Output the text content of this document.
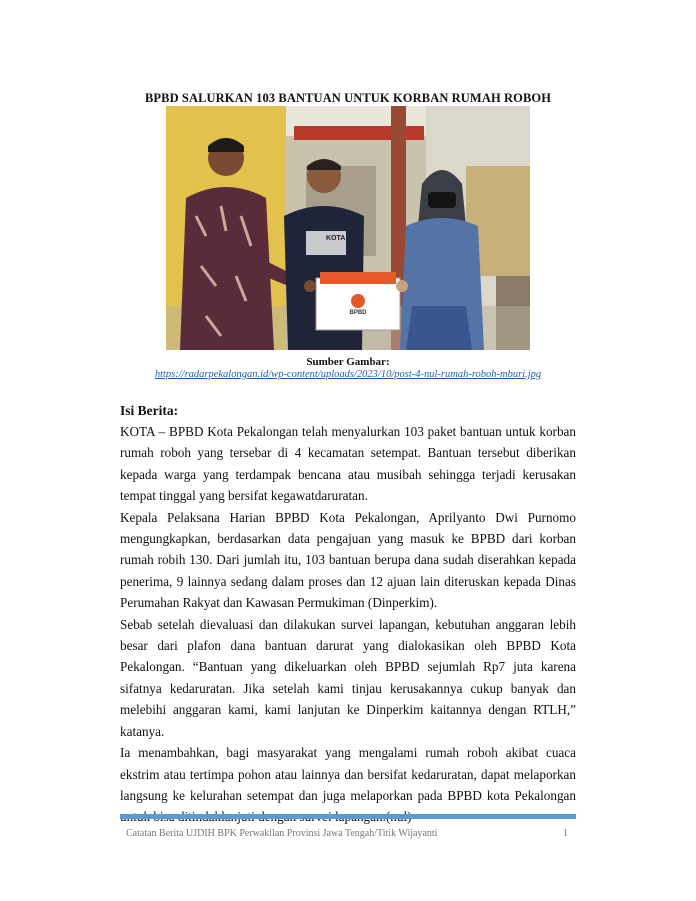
BPBD SALURKAN 103 BANTUAN UNTUK KORBAN RUMAH ROBOH
BPBD
KOTA
Sumber Gambar:
https://radarpekalongan.id/wp-content/uploads/2023/10/post-4-nul-rumah-roboh-mburi.jpg
Isi Berita:

KOTA – BPBD Kota Pekalongan telah menyalurkan 103 paket bantuan untuk korban rumah roboh yang tersebar di 4 kecamatan setempat. Bantuan tersebut diberikan kepada warga yang terdampak bencana atau musibah sehingga terjadi kerusakan tempat tinggal yang bersifat kegawatdaruratan.

Kepala Pelaksana Harian BPBD Kota Pekalongan, Aprilyanto Dwi Purnomo mengungkapkan, berdasarkan data pengajuan yang masuk ke BPBD dari korban rumah robih 130. Dari jumlah itu, 103 bantuan berupa dana sudah diserahkan kepada penerima, 9 lainnya sedang dalam proses dan 12 ajuan lain diteruskan kepada Dinas Perumahan Rakyat dan Kawasan Permukiman (Dinperkim).

Sebab setelah dievaluasi dan dilakukan survei lapangan, kebutuhan anggaran lebih besar dari plafon dana bantuan darurat yang dialokasikan oleh BPBD Kota Pekalongan. “Bantuan yang dikeluarkan oleh BPBD sejumlah Rp7 juta karena sifatnya kedaruratan. Jika setelah kami tinjau kerusakannya cukup banyak dan melebihi anggaran kami, kami lanjutan ke Dinperkim kaitannya dengan RTLH,” katanya.

Ia menambahkan, bagi masyarakat yang mengalami rumah roboh akibat cuaca ekstrim atau tertimpa pohon atau lainnya dan bersifat kedaruratan, dapat melaporkan langsung ke kelurahan setempat dan juga melaporkan pada BPBD kota Pekalongan

Catatan Berita UJDIH BPK Perwakilan Provinsi Jawa Tengah/Titik Wijayanti	1
